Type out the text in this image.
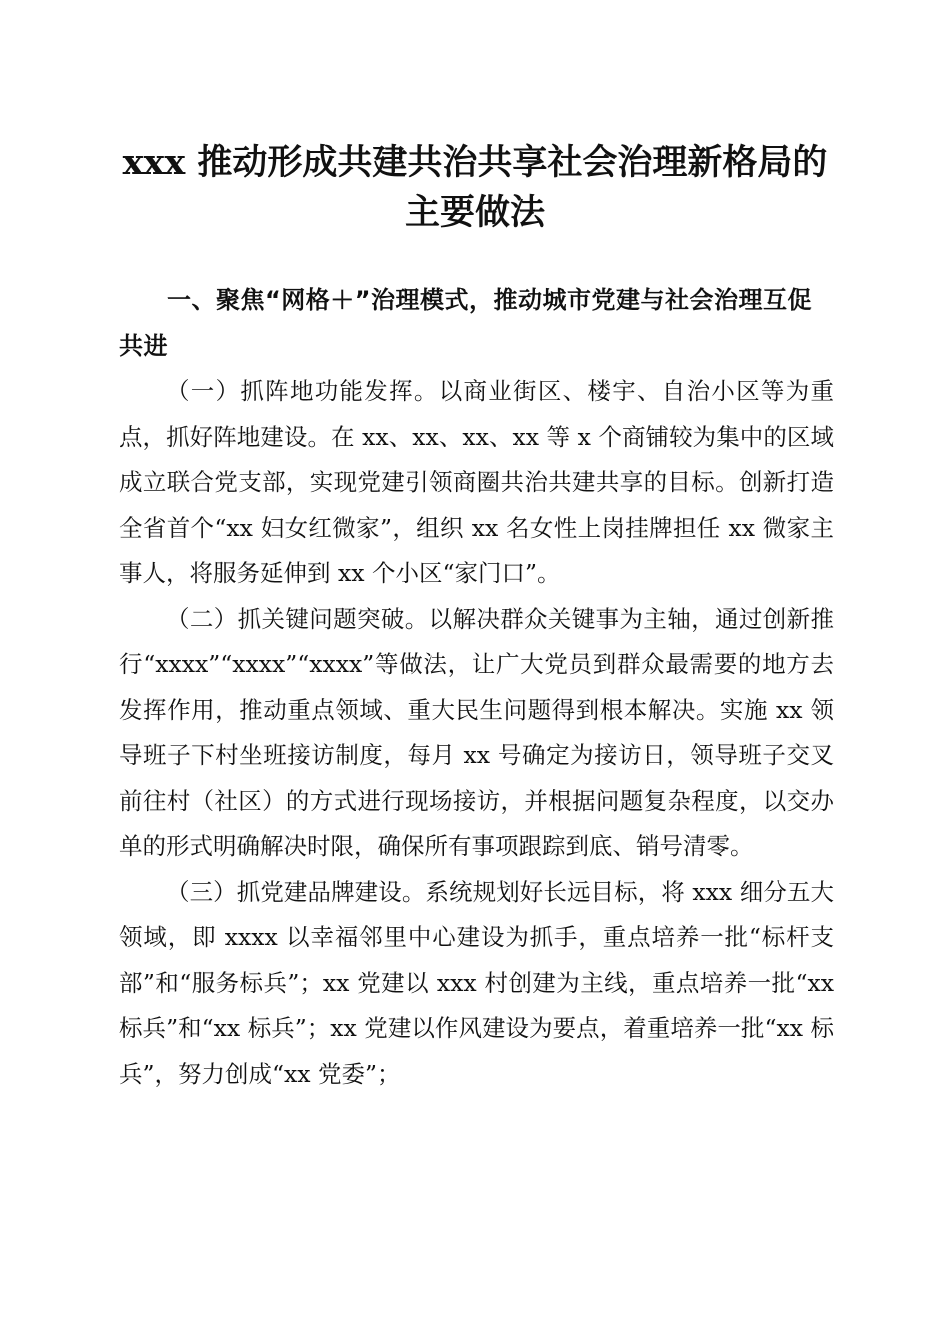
xxx 推动形成共建共治共享社会治理新格局的
主要做法

一、聚焦“网格＋”治理模式，推动城市党建与社会治理互促共进

（一）抓阵地功能发挥。以商业街区、楼宇、自治小区等为重点，抓好阵地建设。在 xx、xx、xx、xx 等 x 个商铺较为集中的区域成立联合党支部，实现党建引领商圈共治共建共享的目标。创新打造全省首个“xx 妇女红微家”，组织 xx 名女性上岗挂牌担任 xx 微家主事人，将服务延伸到 xx 个小区“家门口”。

（二）抓关键问题突破。以解决群众关键事为主轴，通过创新推行“xxxx”“xxxx”“xxxx”等做法，让广大党员到群众最需要的地方去发挥作用，推动重点领域、重大民生问题得到根本解决。实施 xx 领导班子下村坐班接访制度，每月 xx 号确定为接访日，领导班子交叉前往村（社区）的方式进行现场接访，并根据问题复杂程度，以交办单的形式明确解决时限，确保所有事项跟踪到底、销号清零。

（三）抓党建品牌建设。系统规划好长远目标，将 xxx 细分五大领域，即 xxxx 以幸福邻里中心建设为抓手，重点培养一批“标杆支部”和“服务标兵”；xx 党建以 xxx 村创建为主线，重点培养一批“xx 标兵”和“xx 标兵”；xx 党建以作风建设为要点，着重培养一批“xx 标兵”，努力创成“xx 党委”；
